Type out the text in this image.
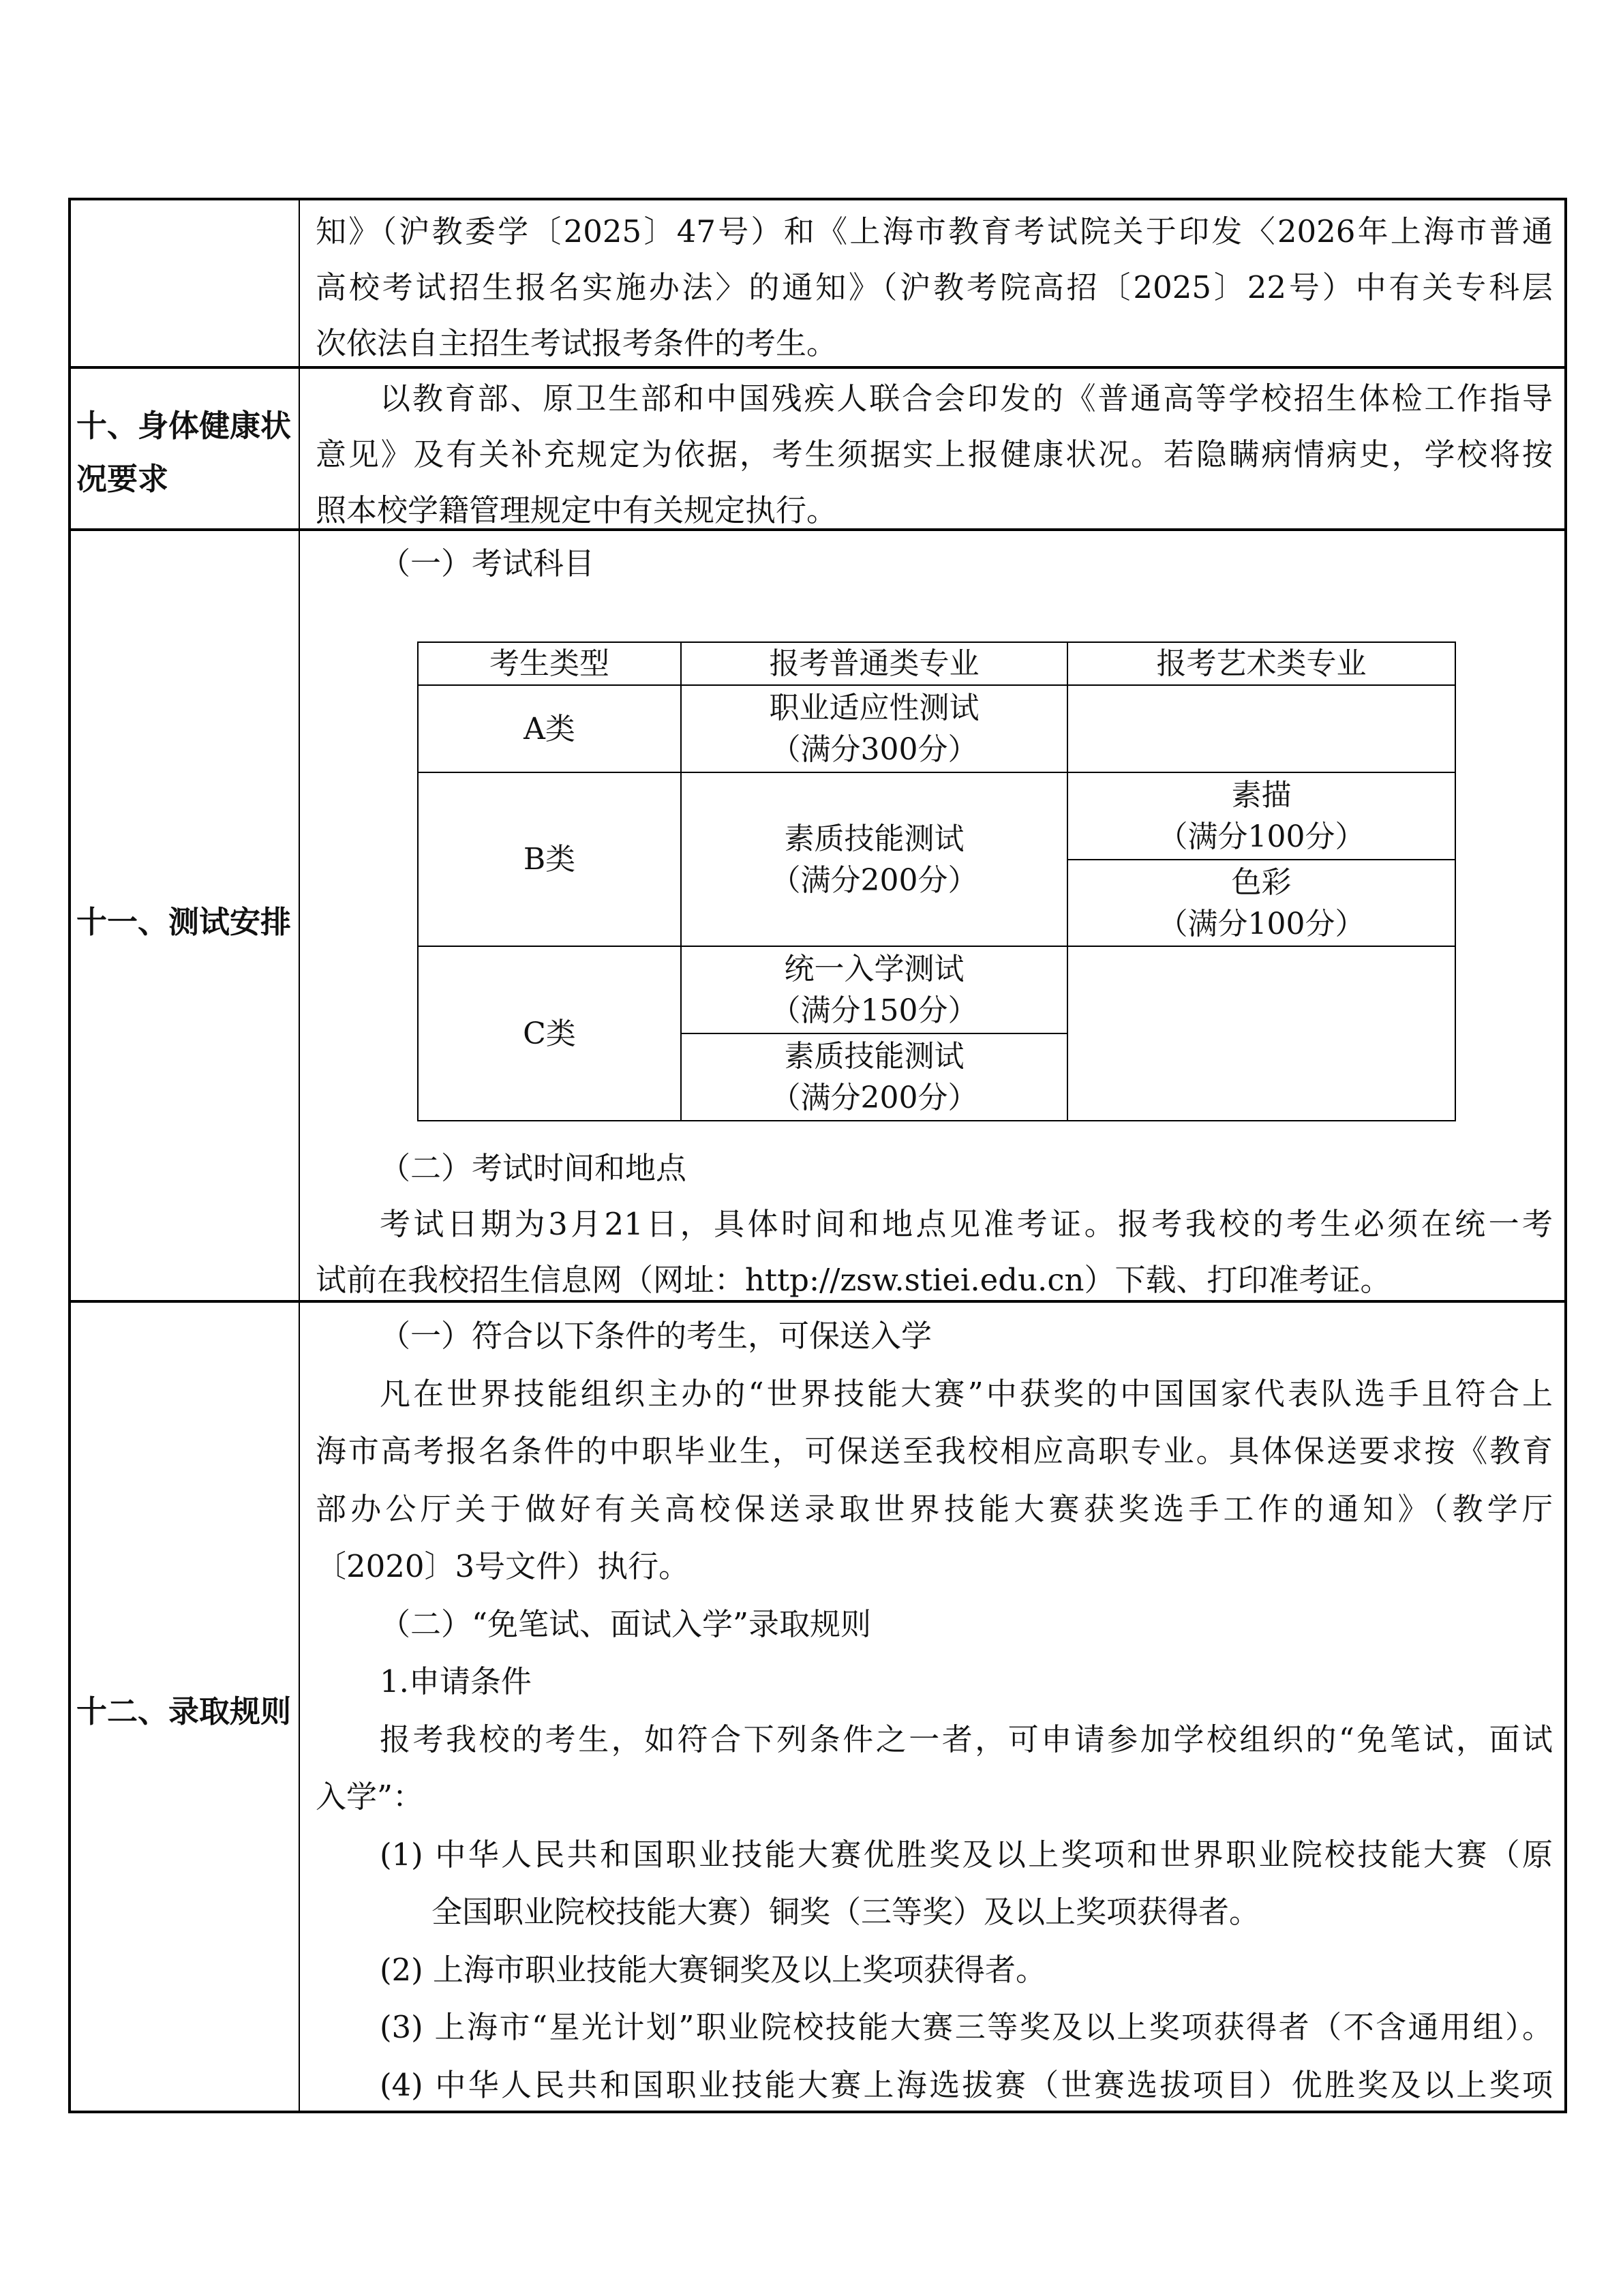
知》（沪教委学〔2025〕47号）和《上海市教育考试院关于印发〈2026年上海市普通
高校考试招生报名实施办法〉的通知》（沪教考院高招〔2025〕22号）中有关专科层
次依法自主招生考试报考条件的考生。
十、身体健康状
况要求
以教育部、原卫生部和中国残疾人联合会印发的《普通高等学校招生体检工作指导
意见》及有关补充规定为依据，考生须据实上报健康状况。若隐瞒病情病史，学校将按
照本校学籍管理规定中有关规定执行。
十一、测试安排
（一）考试科目
考生类型	报考普通类专业	报考艺术类专业
A类
职业适应性测试
（满分300分）
B类
素质技能测试
（满分200分）
素描
（满分100分）
色彩
（满分100分）
C类
统一入学测试
（满分150分）
素质技能测试
（满分200分）
（二）考试时间和地点
考试日期为3月21日，具体时间和地点见准考证。报考我校的考生必须在统一考
试前在我校招生信息网（网址：http://zsw.stiei.edu.cn）下载、打印准考证。
十二、录取规则
（一）符合以下条件的考生，可保送入学
凡在世界技能组织主办的“世界技能大赛”中获奖的中国国家代表队选手且符合上
海市高考报名条件的中职毕业生，可保送至我校相应高职专业。具体保送要求按《教育
部办公厅关于做好有关高校保送录取世界技能大赛获奖选手工作的通知》（教学厅
〔2020〕3号文件）执行。
（二）“免笔试、面试入学”录取规则
1.申请条件
报考我校的考生，如符合下列条件之一者，可申请参加学校组织的“免笔试，面试
入学”：
(1) 中华人民共和国职业技能大赛优胜奖及以上奖项和世界职业院校技能大赛（原
全国职业院校技能大赛）铜奖（三等奖）及以上奖项获得者。
(2) 上海市职业技能大赛铜奖及以上奖项获得者。
(3) 上海市“星光计划”职业院校技能大赛三等奖及以上奖项获得者（不含通用组）。
(4) 中华人民共和国职业技能大赛上海选拔赛（世赛选拔项目）优胜奖及以上奖项
